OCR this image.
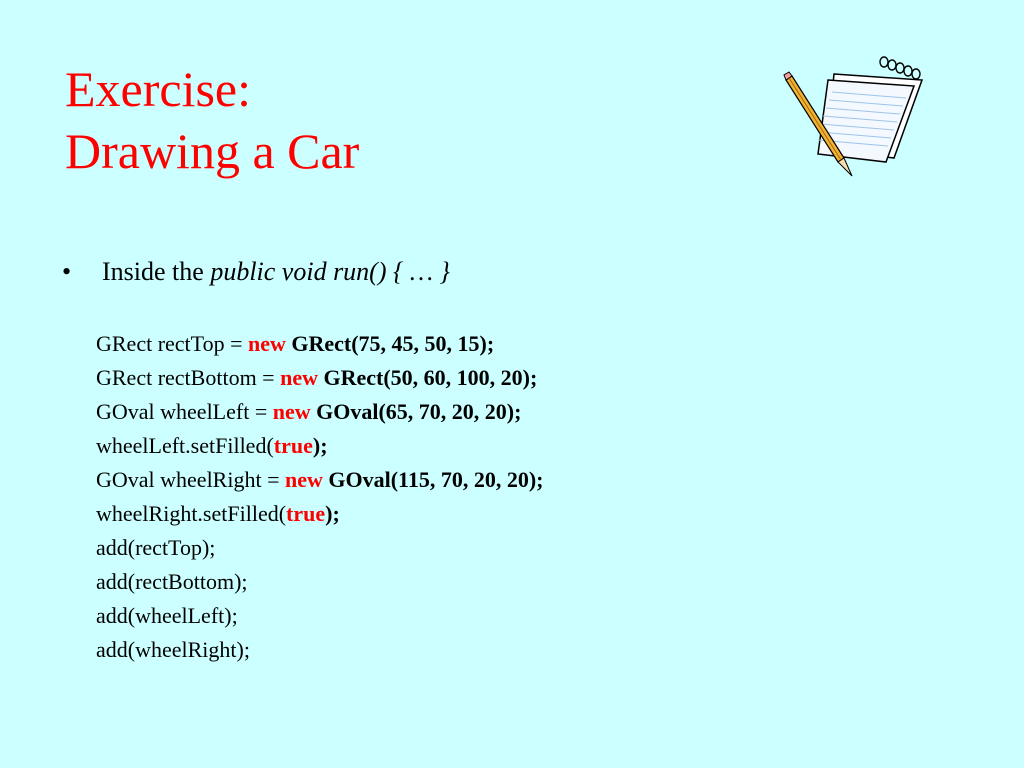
Exercise:
Drawing a Car
• Inside the public void run() { … }
GRect rectTop = new GRect(75, 45, 50, 15);
GRect rectBottom = new GRect(50, 60, 100, 20);
GOval wheelLeft = new GOval(65, 70, 20, 20);
wheelLeft.setFilled(true);
GOval wheelRight = new GOval(115, 70, 20, 20);
wheelRight.setFilled(true);
add(rectTop);
add(rectBottom);
add(wheelLeft);
add(wheelRight);
